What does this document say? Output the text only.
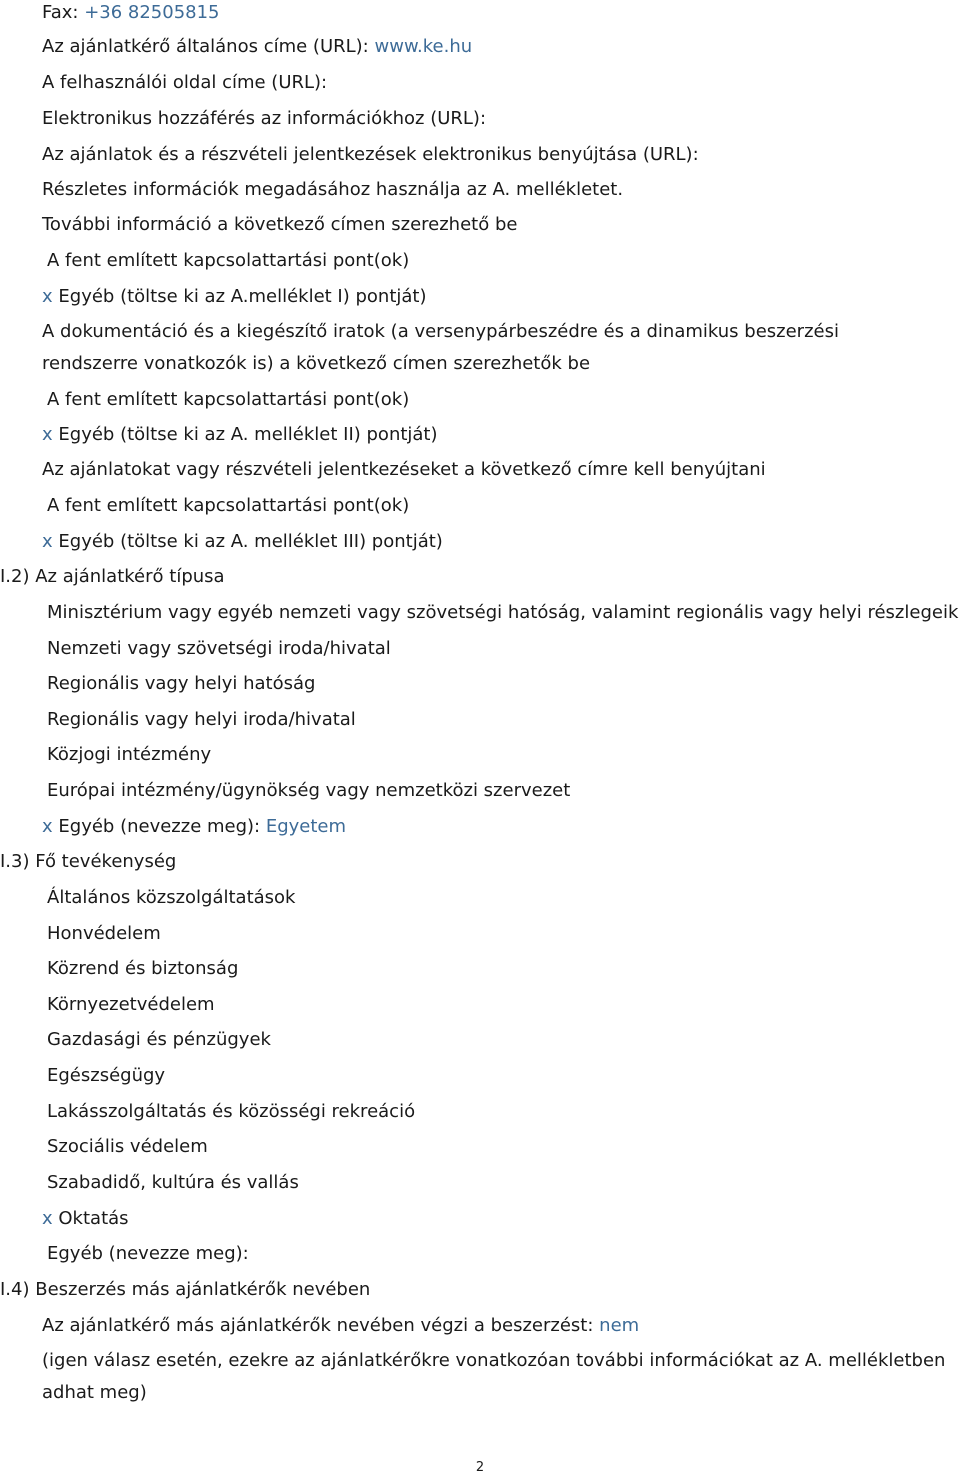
Fax: +36 82505815
Az ajánlatkérő általános címe (URL): www.ke.hu
A felhasználói oldal címe (URL):
Elektronikus hozzáférés az információkhoz (URL):
Az ajánlatok és a részvételi jelentkezések elektronikus benyújtása (URL):
Részletes információk megadásához használja az A. mellékletet.
További információ a következő címen szerezhető be
A fent említett kapcsolattartási pont(ok)
x Egyéb (töltse ki az A.melléklet I) pontját)
A dokumentáció és a kiegészítő iratok (a versenypárbeszédre és a dinamikus beszerzési
rendszerre vonatkozók is) a következő címen szerezhetők be
A fent említett kapcsolattartási pont(ok)
x Egyéb (töltse ki az A. melléklet II) pontját)
Az ajánlatokat vagy részvételi jelentkezéseket a következő címre kell benyújtani
A fent említett kapcsolattartási pont(ok)
x Egyéb (töltse ki az A. melléklet III) pontját)
I.2) Az ajánlatkérő típusa
Minisztérium vagy egyéb nemzeti vagy szövetségi hatóság, valamint regionális vagy helyi részlegeik
Nemzeti vagy szövetségi iroda/hivatal
Regionális vagy helyi hatóság
Regionális vagy helyi iroda/hivatal
Közjogi intézmény
Európai intézmény/ügynökség vagy nemzetközi szervezet
x Egyéb (nevezze meg): Egyetem
I.3) Fő tevékenység
Általános közszolgáltatások
Honvédelem
Közrend és biztonság
Környezetvédelem
Gazdasági és pénzügyek
Egészségügy
Lakásszolgáltatás és közösségi rekreáció
Szociális védelem
Szabadidő, kultúra és vallás
x Oktatás
Egyéb (nevezze meg):
I.4) Beszerzés más ajánlatkérők nevében
Az ajánlatkérő más ajánlatkérők nevében végzi a beszerzést: nem
(igen válasz esetén, ezekre az ajánlatkérőkre vonatkozóan további információkat az A. mellékletben
adhat meg)
2
